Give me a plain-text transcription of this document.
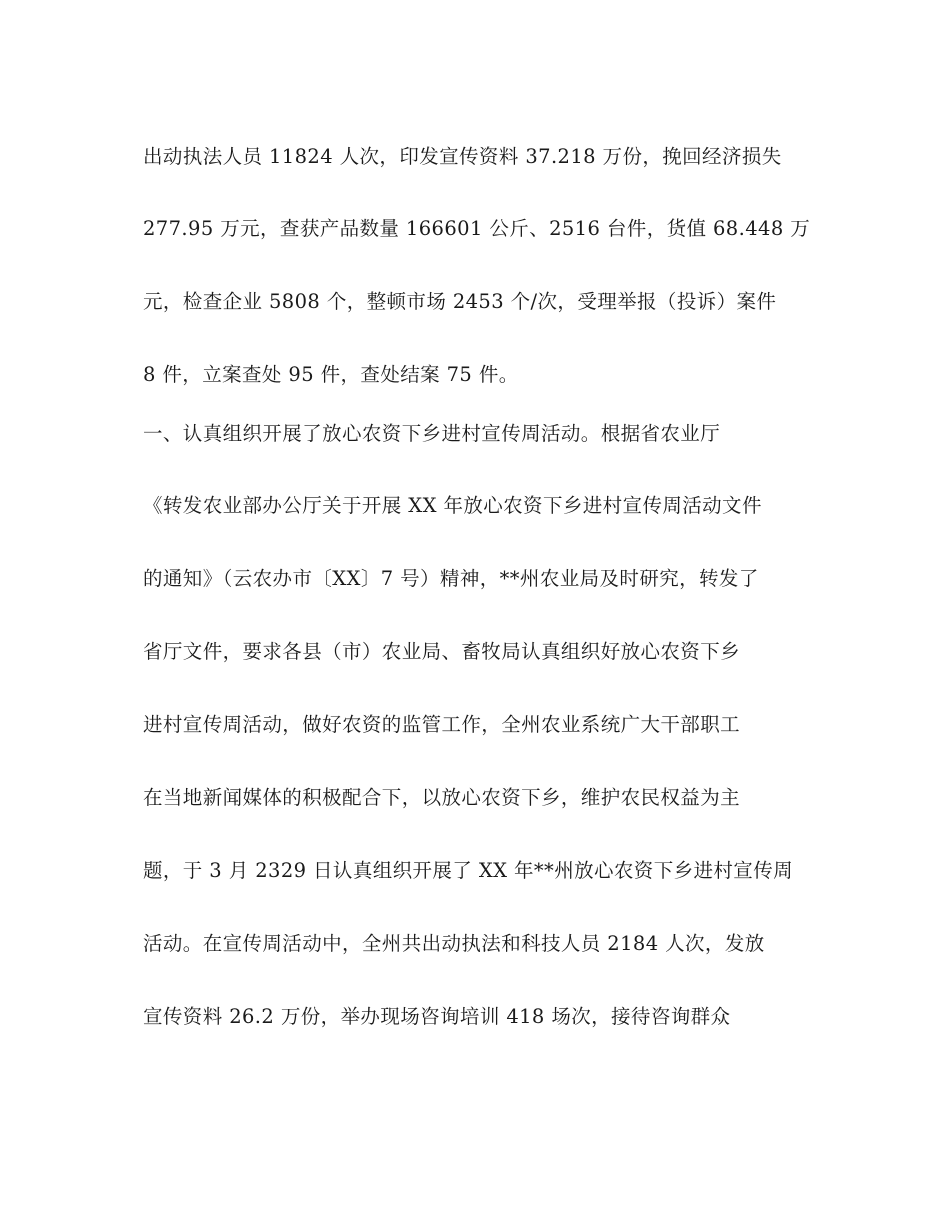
出动执法人员 11824 人次，印发宣传资料 37.218 万份，挽回经济损失
277.95 万元，查获产品数量 166601 公斤、2516 台件，货值 68.448 万
元，检查企业 5808 个，整顿市场 2453 个/次，受理举报（投诉）案件
8 件，立案查处 95 件，查处结案 75 件。
一、认真组织开展了放心农资下乡进村宣传周活动。根据省农业厅
《转发农业部办公厅关于开展 XX 年放心农资下乡进村宣传周活动文件
的通知》（云农办市〔XX〕7 号）精神，**州农业局及时研究，转发了
省厅文件，要求各县（市）农业局、畜牧局认真组织好放心农资下乡
进村宣传周活动，做好农资的监管工作，全州农业系统广大干部职工
在当地新闻媒体的积极配合下，以放心农资下乡，维护农民权益为主
题，于 3 月 2329 日认真组织开展了 XX 年**州放心农资下乡进村宣传周
活动。在宣传周活动中，全州共出动执法和科技人员 2184 人次，发放
宣传资料 26.2 万份，举办现场咨询培训 418 场次，接待咨询群众
